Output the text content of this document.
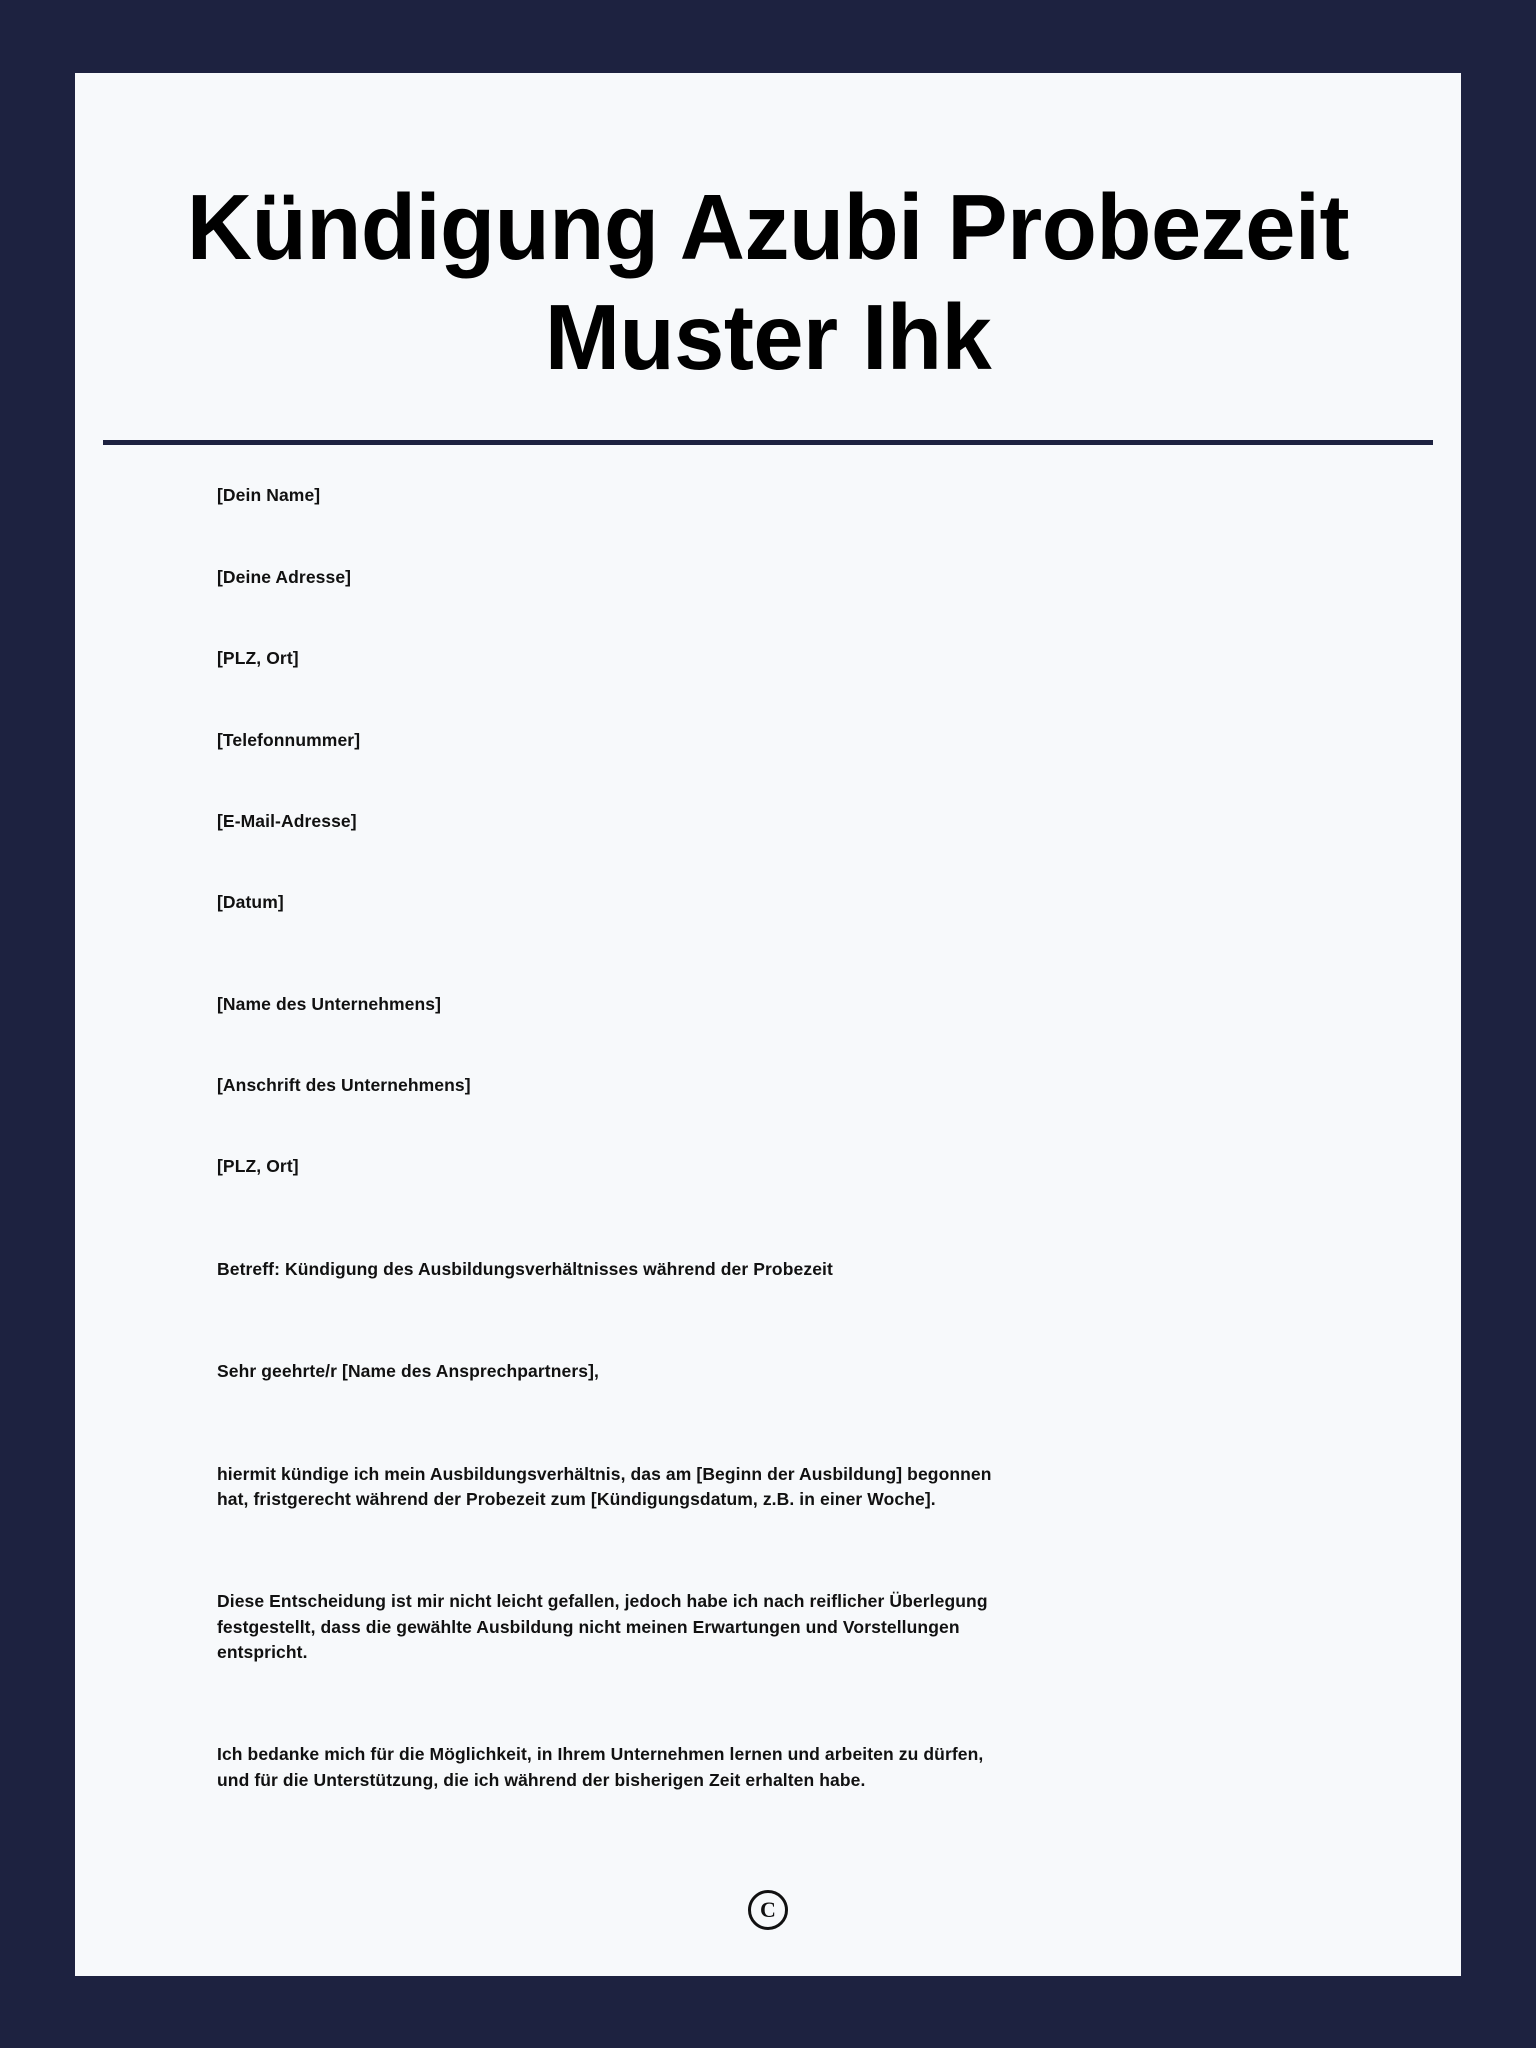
Kündigung Azubi Probezeit Muster Ihk

[Dein Name]

[Deine Adresse]

[PLZ, Ort]

[Telefonnummer]

[E-Mail-Adresse]

[Datum]

[Name des Unternehmens]

[Anschrift des Unternehmens]

[PLZ, Ort]

Betreff: Kündigung des Ausbildungsverhältnisses während der Probezeit

Sehr geehrte/r [Name des Ansprechpartners],

hiermit kündige ich mein Ausbildungsverhältnis, das am [Beginn der Ausbildung] begonnen hat, fristgerecht während der Probezeit zum [Kündigungsdatum, z.B. in einer Woche].

Diese Entscheidung ist mir nicht leicht gefallen, jedoch habe ich nach reiflicher Überlegung festgestellt, dass die gewählte Ausbildung nicht meinen Erwartungen und Vorstellungen entspricht.

Ich bedanke mich für die Möglichkeit, in Ihrem Unternehmen lernen und arbeiten zu dürfen, und für die Unterstützung, die ich während der bisherigen Zeit erhalten habe.

C
